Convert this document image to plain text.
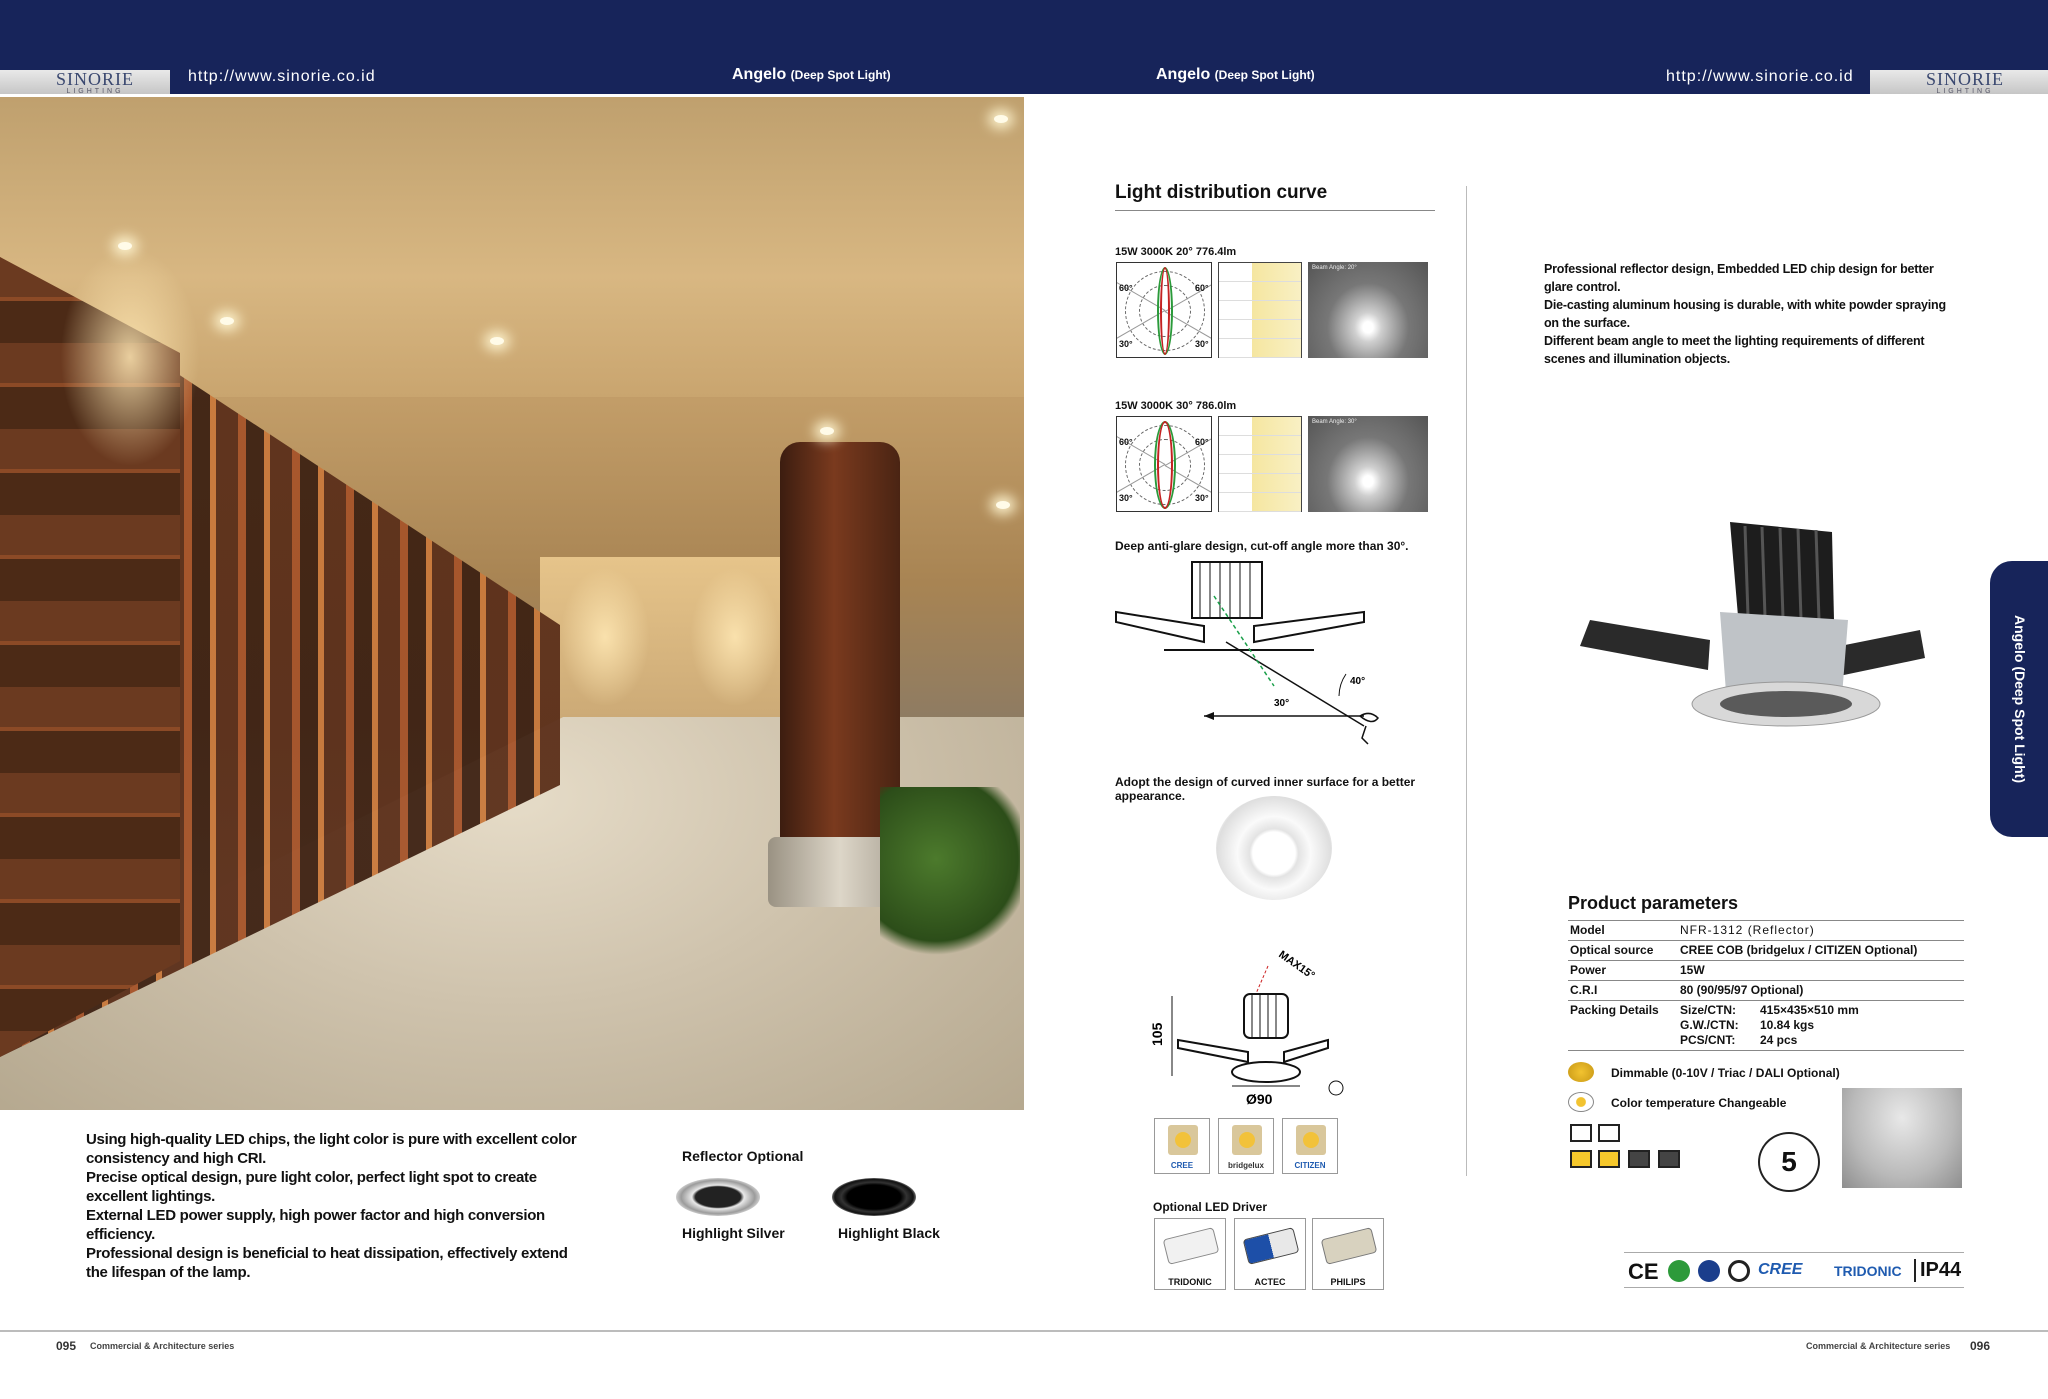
SINORIE
LIGHTING
SINORIE
LIGHTING
http://www.sinorie.co.id	http://www.sinorie.co.id
Angelo (Deep Spot Light)	Angelo (Deep Spot Light)

Using high-quality LED chips, the light color is pure with excellent color consistency and high CRI.

Precise optical design, pure light color, perfect light spot to create excellent lightings.

External LED power supply, high power factor and high conversion efficiency.

Professional design is beneficial to heat dissipation, effectively extend the lifespan of the lamp.

Reflector Optional
Highlight Silver	Highlight Black
095 Commercial & Architecture series	Commercial & Architecture series 096
Light distribution curve
15W 3000K 20° 776.4lm
60°
30°
60°
30°
Beam Angle: 20°
15W 3000K 30° 786.0lm
60°
30°
60°
30°
Beam Angle: 30°
Deep anti-glare design, cut-off angle more than 30°.
40°
30°
Adopt the design of curved inner surface for a better appearance.
MAX15°
105
Ø90
CREE	bridgelux	CITIZEN
Optional LED Driver
TRIDONIC	ACTEC	PHILIPS

Professional reflector design, Embedded LED chip design for better glare control.

Die-casting aluminum housing is durable, with white powder spraying on the surface.

Different beam angle to meet the lighting requirements of different scenes and illumination objects.

Angelo (Deep Spot Light)
Product parameters
Model	NFR-1312 (Reflector)
Optical source	CREE COB (bridgelux / CITIZEN Optional)
Power	15W
C.R.I	80 (90/95/97 Optional)
Packing Details	Size/CTN: 415×435×510 mm
G.W./CTN: 10.84 kgs
PCS/CNT: 24 pcs
Dimmable (0-10V / Triac / DALI Optional)
Color temperature Changeable
5
CE	CREE TRIDONIC IP44
